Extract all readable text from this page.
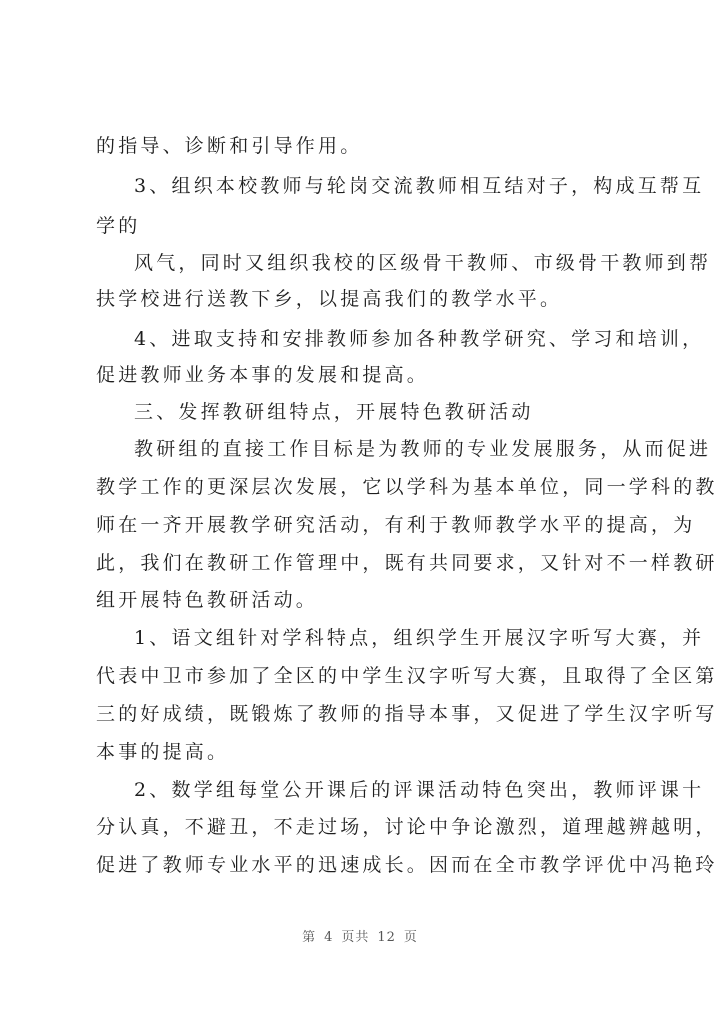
的指导、诊断和引导作用。
3、组织本校教师与轮岗交流教师相互结对子，构成互帮互
学的
风气，同时又组织我校的区级骨干教师、市级骨干教师到帮
扶学校进行送教下乡，以提高我们的教学水平。
4、进取支持和安排教师参加各种教学研究、学习和培训，
促进教师业务本事的发展和提高。
三、发挥教研组特点，开展特色教研活动
教研组的直接工作目标是为教师的专业发展服务，从而促进
教学工作的更深层次发展，它以学科为基本单位，同一学科的教
师在一齐开展教学研究活动，有利于教师教学水平的提高，为
此，我们在教研工作管理中，既有共同要求，又针对不一样教研
组开展特色教研活动。
1、语文组针对学科特点，组织学生开展汉字听写大赛，并
代表中卫市参加了全区的中学生汉字听写大赛，且取得了全区第
三的好成绩，既锻炼了教师的指导本事，又促进了学生汉字听写
本事的提高。
2、数学组每堂公开课后的评课活动特色突出，教师评课十
分认真，不避丑，不走过场，讨论中争论激烈，道理越辨越明，
促进了教师专业水平的迅速成长。因而在全市教学评优中冯艳玲
第 4 页共 12 页
